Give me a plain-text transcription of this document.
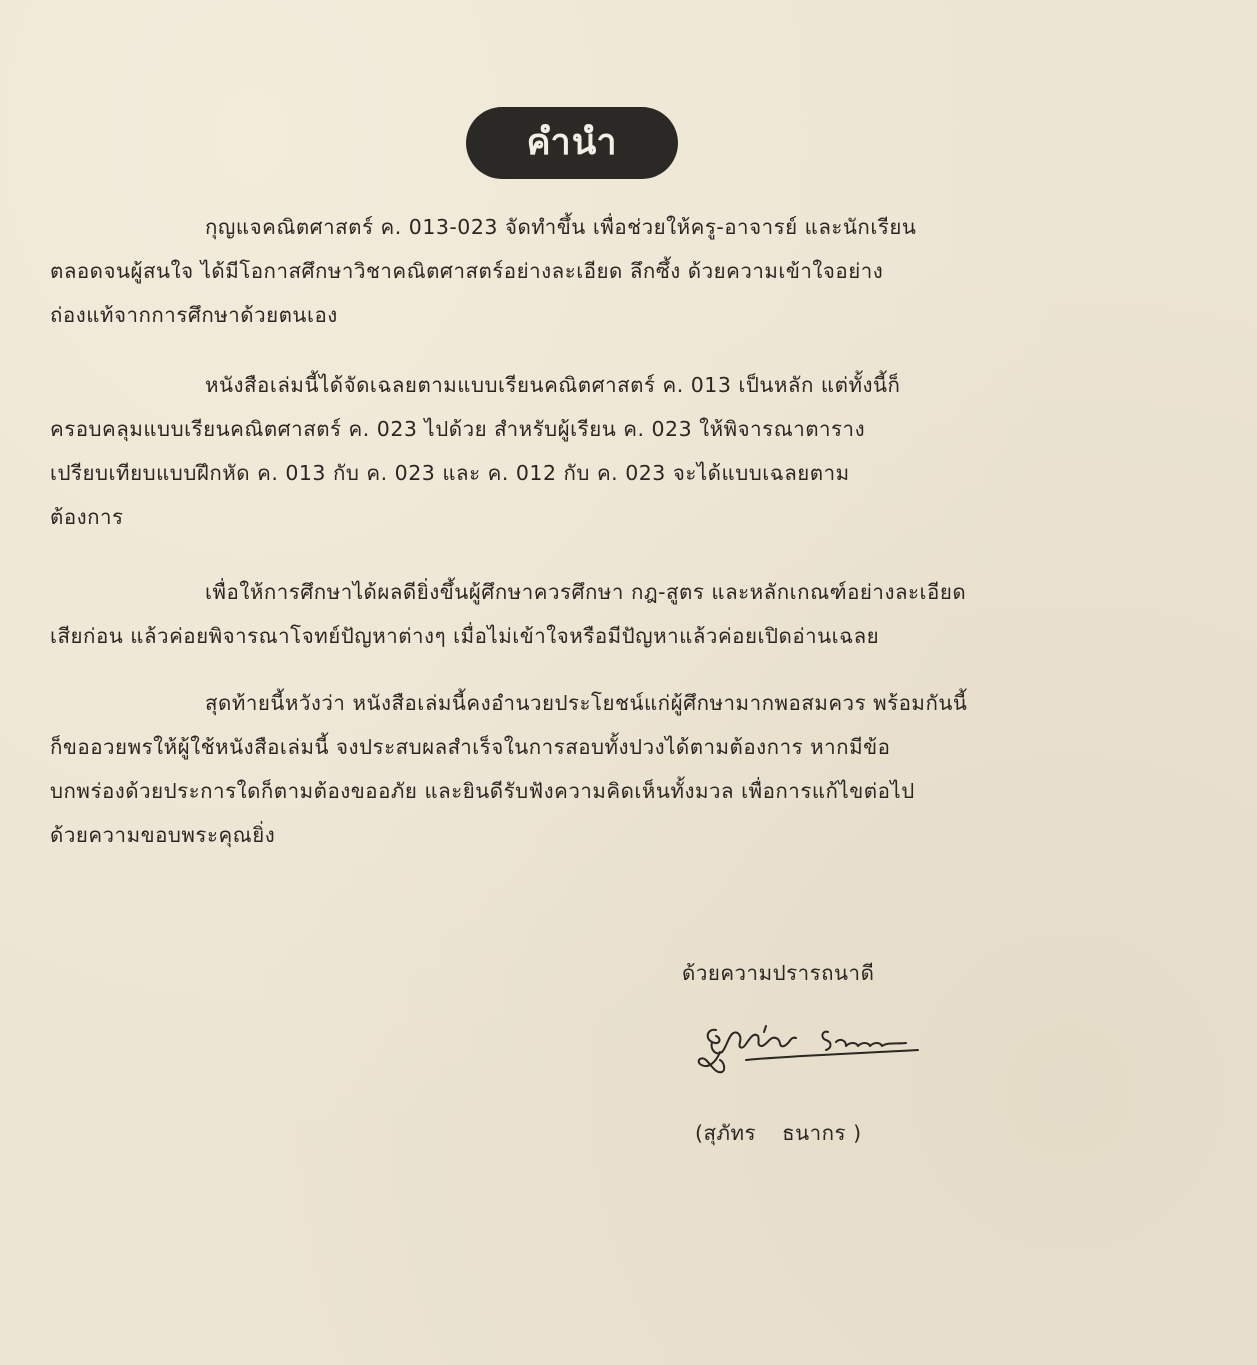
คำนำ
กุญแจคณิตศาสตร์ ค. 013-023 จัดทำขึ้น เพื่อช่วยให้ครู-อาจารย์ และนักเรียน
ตลอดจนผู้สนใจ ได้มีโอกาสศึกษาวิชาคณิตศาสตร์อย่างละเอียด ลึกซึ้ง ด้วยความเข้าใจอย่าง
ถ่องแท้จากการศึกษาด้วยตนเอง
หนังสือเล่มนี้ได้จัดเฉลยตามแบบเรียนคณิตศาสตร์ ค. 013 เป็นหลัก แต่ทั้งนี้ก็
ครอบคลุมแบบเรียนคณิตศาสตร์ ค. 023 ไปด้วย สำหรับผู้เรียน ค. 023 ให้พิจารณาตาราง
เปรียบเทียบแบบฝึกหัด ค. 013 กับ ค. 023 และ ค. 012 กับ ค. 023 จะได้แบบเฉลยตาม
ต้องการ
เพื่อให้การศึกษาได้ผลดียิ่งขึ้นผู้ศึกษาควรศึกษา กฎ-สูตร และหลักเกณฑ์อย่างละเอียด
เสียก่อน แล้วค่อยพิจารณาโจทย์ปัญหาต่างๆ เมื่อไม่เข้าใจหรือมีปัญหาแล้วค่อยเปิดอ่านเฉลย
สุดท้ายนี้หวังว่า หนังสือเล่มนี้คงอำนวยประโยชน์แก่ผู้ศึกษามากพอสมควร พร้อมกันนี้
ก็ขออวยพรให้ผู้ใช้หนังสือเล่มนี้ จงประสบผลสำเร็จในการสอบทั้งปวงได้ตามต้องการ หากมีข้อ
บกพร่องด้วยประการใดก็ตามต้องขออภัย และยินดีรับฟังความคิดเห็นทั้งมวล เพื่อการแก้ไขต่อไป
ด้วยความขอบพระคุณยิ่ง
ด้วยความปรารถนาดี
(สุภัทร ธนากร )
